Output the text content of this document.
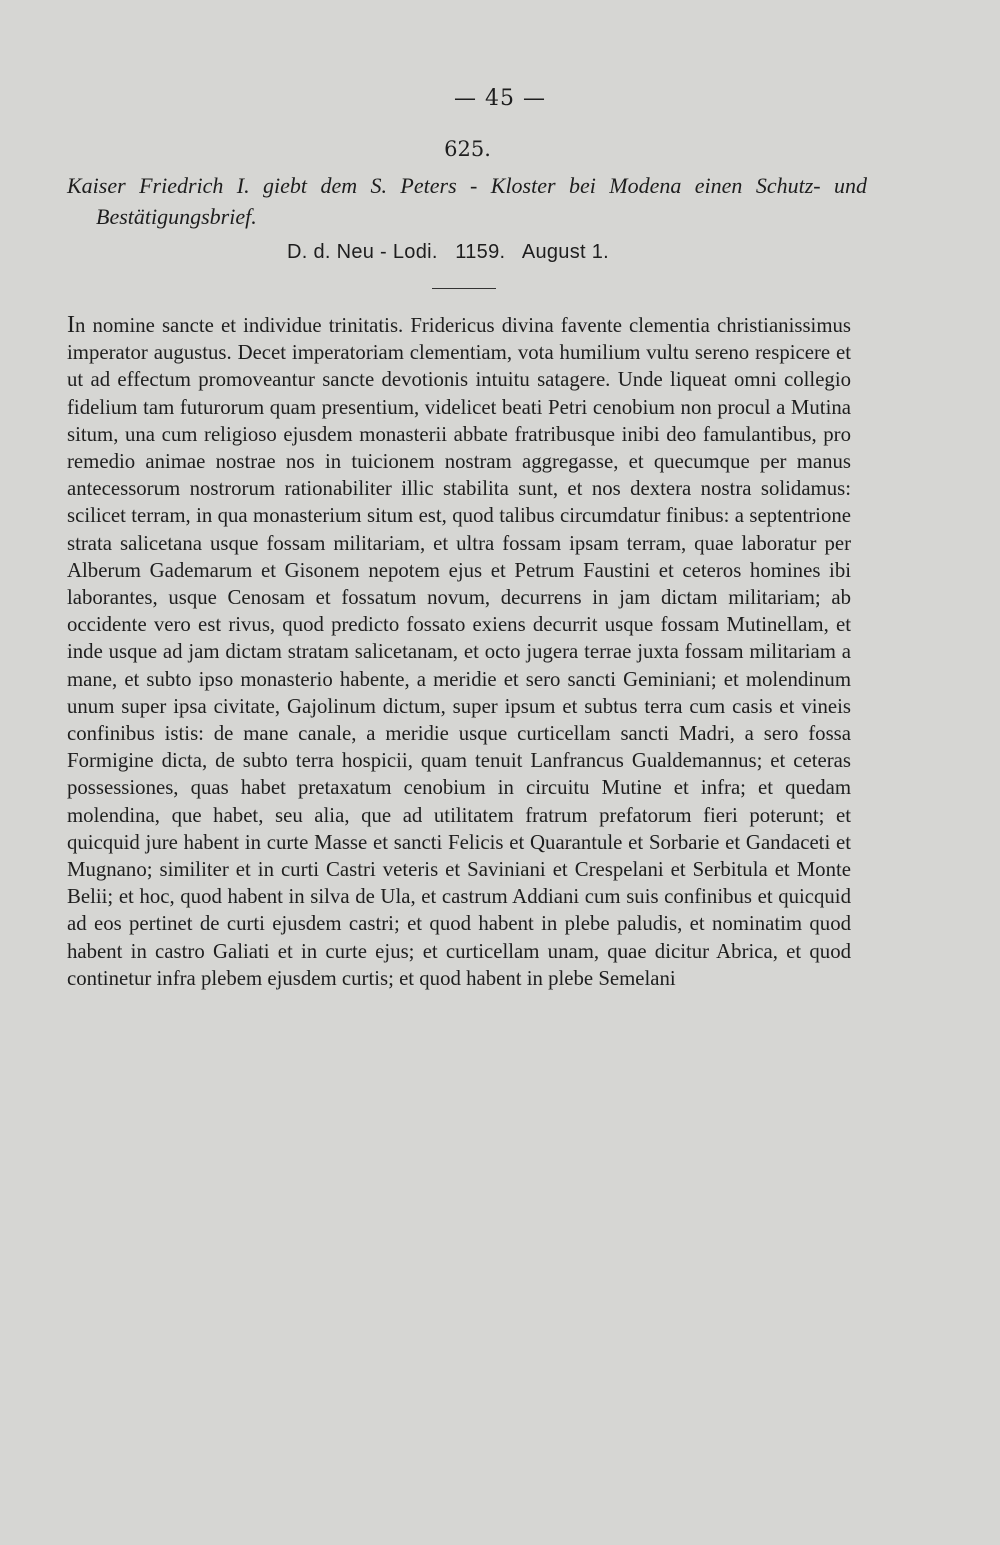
— 45 —
625.
Kaiser Friedrich I. giebt dem S. Peters - Kloster bei Modena einen Schutz- und
Bestätigungsbrief.
D. d. Neu - Lodi.   1159.   August 1.
In nomine sancte et individue trinitatis. Fridericus divina favente clementia christianissimus imperator augustus. Decet imperatoriam clementiam, vota humilium vultu sereno respicere et ut ad effectum promoveantur sancte devotionis intuitu satagere. Unde liqueat omni collegio fidelium tam futurorum quam presentium, videlicet beati Petri cenobium non procul a Mutina situm, una cum religioso ejusdem monasterii abbate fratribusque inibi deo famulantibus, pro remedio animae nostrae nos in tuicionem nostram aggregasse, et quecumque per manus antecessorum nostrorum rationabiliter illic stabilita sunt, et nos dextera nostra solidamus: scilicet terram, in qua monasterium situm est, quod talibus circumdatur finibus: a septentrione strata salicetana usque fossam militariam, et ultra fossam ipsam terram, quae laboratur per Alberum Gademarum et Gisonem nepotem ejus et Petrum Faustini et ceteros homines ibi laborantes, usque Cenosam et fossatum novum, decurrens in jam dictam militariam; ab occidente vero est rivus, quod predicto fossato exiens decurrit usque fossam Mutinellam, et inde usque ad jam dictam stratam salicetanam, et octo jugera terrae juxta fossam militariam a mane, et subto ipso monasterio habente, a meridie et sero sancti Geminiani; et molendinum unum super ipsa civitate, Gajolinum dictum, super ipsum et subtus terra cum casis et vineis confinibus istis: de mane canale, a meridie usque curticellam sancti Madri, a sero fossa Formigine dicta, de subto terra hospicii, quam tenuit Lanfrancus Gualdemannus; et ceteras possessiones, quas habet pretaxatum cenobium in circuitu Mutine et infra; et quedam molendina, que habet, seu alia, que ad utilitatem fratrum prefatorum fieri poterunt; et quicquid jure habent in curte Masse et sancti Felicis et Quarantule et Sorbarie et Gandaceti et Mugnano; similiter et in curti Castri veteris et Saviniani et Crespelani et Serbitula et Monte Belii; et hoc, quod habent in silva de Ula, et castrum Addiani cum suis confinibus et quicquid ad eos pertinet de curti ejusdem castri; et quod habent in plebe paludis, et nominatim quod habent in castro Galiati et in curte ejus; et curticellam unam, quae dicitur Abrica, et quod continetur infra plebem ejusdem curtis; et quod habent in plebe Semelani
